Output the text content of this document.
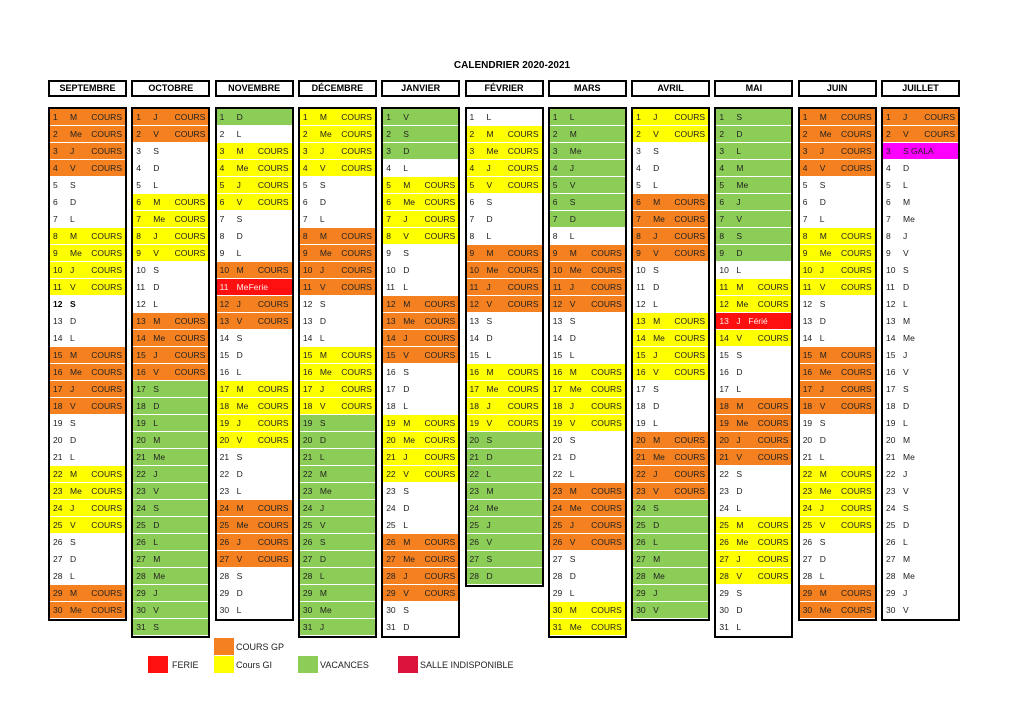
CALENDRIER 2020-2021
SEPTEMBRE
1 M COURS
2 Me COURS
3 J COURS
4 V COURS
5 S
6 D
7 L
8 M COURS
9 Me COURS
10 J COURS
11 V COURS
12 S
13 D
14 L
15 M COURS
16 Me COURS
17 J COURS
18 V COURS
19 S
20 D
21 L
22 M COURS
23 Me COURS
24 J COURS
25 V COURS
26 S
27 D
28 L
29 M COURS
30 Me COURS
OCTOBRE
1 J COURS
2 V COURS
3 S
4 D
5 L
6 M COURS
7 Me COURS
8 J COURS
9 V COURS
10 S
11 D
12 L
13 M COURS
14 Me COURS
15 J COURS
16 V COURS
17 S
18 D
19 L
20 M
21 Me
22 J
23 V
24 S
25 D
26 L
27 M
28 Me
29 J
30 V
31 S
NOVEMBRE
1 D
2 L
3 M COURS
4 Me COURS
5 J COURS
6 V COURS
7 S
8 D
9 L
10 M COURS
11 Me Ferie
12 J COURS
13 V COURS
14 S
15 D
16 L
17 M COURS
18 Me COURS
19 J COURS
20 V COURS
21 S
22 D
23 L
24 M COURS
25 Me COURS
26 J COURS
27 V COURS
28 S
29 D
30 L
DÉCEMBRE
1 M COURS
2 Me COURS
3 J COURS
4 V COURS
5 S
6 D
7 L
8 M COURS
9 Me COURS
10 J COURS
11 V COURS
12 S
13 D
14 L
15 M COURS
16 Me COURS
17 J COURS
18 V COURS
19 S
20 D
21 L
22 M
23 Me
24 J
25 V
26 S
27 D
28 L
29 M
30 Me
31 J
JANVIER
1 V
2 S
3 D
4 L
5 M COURS
6 Me COURS
7 J COURS
8 V COURS
9 S
10 D
11 L
12 M COURS
13 Me COURS
14 J COURS
15 V COURS
16 S
17 D
18 L
19 M COURS
20 Me COURS
21 J COURS
22 V COURS
23 S
24 D
25 L
26 M COURS
27 Me COURS
28 J COURS
29 V COURS
30 S
31 D
FÉVRIER
1 L
2 M COURS
3 Me COURS
4 J COURS
5 V COURS
6 S
7 D
8 L
9 M COURS
10 Me COURS
11 J COURS
12 V COURS
13 S
14 D
15 L
16 M COURS
17 Me COURS
18 J COURS
19 V COURS
20 S
21 D
22 L
23 M
24 Me
25 J
26 V
27 S
28 D
MARS
1 L
2 M
3 Me
4 J
5 V
6 S
7 D
8 L
9 M COURS
10 Me COURS
11 J COURS
12 V COURS
13 S
14 D
15 L
16 M COURS
17 Me COURS
18 J COURS
19 V COURS
20 S
21 D
22 L
23 M COURS
24 Me COURS
25 J COURS
26 V COURS
27 S
28 D
29 L
30 M COURS
31 Me COURS
AVRIL
1 J COURS
2 V COURS
3 S
4 D
5 L
6 M COURS
7 Me COURS
8 J COURS
9 V COURS
10 S
11 D
12 L
13 M COURS
14 Me COURS
15 J COURS
16 V COURS
17 S
18 D
19 L
20 M COURS
21 Me COURS
22 J COURS
23 V COURS
24 S
25 D
26 L
27 M
28 Me
29 J
30 V
MAI
1 S
2 D
3 L
4 M
5 Me
6 J
7 V
8 S
9 D
10 L
11 M COURS
12 Me COURS
13 J Férié
14 V COURS
15 S
16 D
17 L
18 M COURS
19 Me COURS
20 J COURS
21 V COURS
22 S
23 D
24 L
25 M COURS
26 Me COURS
27 J COURS
28 V COURS
29 S
30 D
31 L
JUIN
1 M COURS
2 Me COURS
3 J COURS
4 V COURS
5 S
6 D
7 L
8 M COURS
9 Me COURS
10 J COURS
11 V COURS
12 S
13 D
14 L
15 M COURS
16 Me COURS
17 J COURS
18 V COURS
19 S
20 D
21 L
22 M COURS
23 Me COURS
24 J COURS
25 V COURS
26 S
27 D
28 L
29 M COURS
30 Me COURS
JUILLET
1 J COURS
2 V COURS
3 S GALA
4 D
5 L
6 M
7 Me
8 J
9 V
10 S
11 D
12 L
13 M
14 Me
15 J
16 V
17 S
18 D
19 L
20 M
21 Me
22 J
23 V
24 S
25 D
26 L
27 M
28 Me
29 J
30 V
COURS GP
FERIE	Cours GI	VACANCES	SALLE INDISPONIBLE
